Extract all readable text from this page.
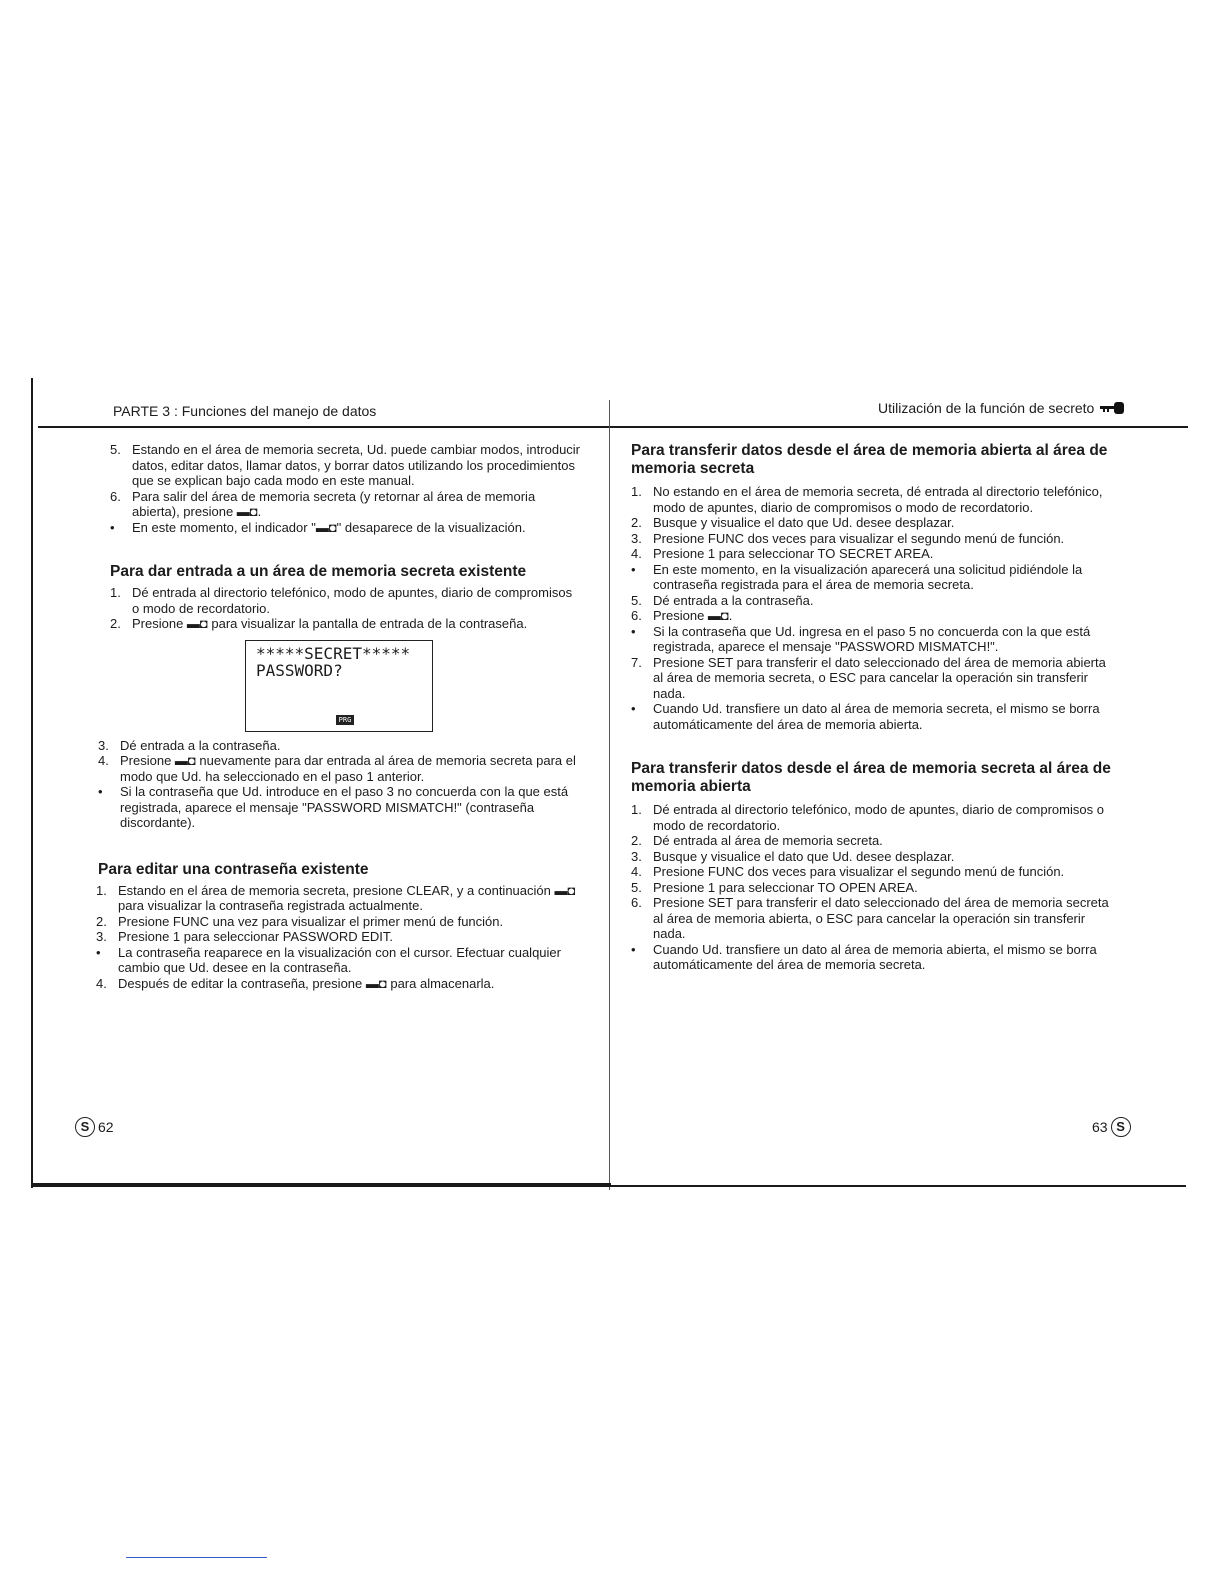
PARTE 3 : Funciones del manejo de datos	Utilización de la función de secreto
5. Estando en el área de memoria secreta, Ud. puede cambiar modos, introducir datos, editar datos, llamar datos, y borrar datos utilizando los procedimientos que se explican bajo cada modo en este manual.
6. Para salir del área de memoria secreta (y retornar al área de memoria abierta), presione ▬◘.
•	En este momento, el indicador "▬◘" desaparece de la visualización.
Para dar entrada a un área de memoria secreta existente
1. Dé entrada al directorio telefónico, modo de apuntes, diario de compromisos o modo de recordatorio.
2. Presione ▬◘ para visualizar la pantalla de entrada de la contraseña.
*****SECRET*****
PASSWORD?
PRG
3. Dé entrada a la contraseña.
4. Presione ▬◘ nuevamente para dar entrada al área de memoria secreta para el modo que Ud. ha seleccionado en el paso 1 anterior.
•	Si la contraseña que Ud. introduce en el paso 3 no concuerda con la que está registrada, aparece el mensaje "PASSWORD MISMATCH!" (contraseña discordante).
Para editar una contraseña existente
1. Estando en el área de memoria secreta, presione CLEAR, y a continuación ▬◘ para visualizar la contraseña registrada actualmente.
2. Presione FUNC una vez para visualizar el primer menú de función.
3. Presione 1 para seleccionar PASSWORD EDIT.
•	La contraseña reaparece en la visualización con el cursor. Efectuar cualquier cambio que Ud. desee en la contraseña.
4. Después de editar la contraseña, presione ▬◘ para almacenarla.
Para transferir datos desde el área de memoria abierta al área de memoria secreta
1. No estando en el área de memoria secreta, dé entrada al directorio telefónico, modo de apuntes, diario de compromisos o modo de recordatorio.
2. Busque y visualice el dato que Ud. desee desplazar.
3. Presione FUNC dos veces para visualizar el segundo menú de función.
4. Presione 1 para seleccionar TO SECRET AREA.
•	En este momento, en la visualización aparecerá una solicitud pidiéndole la contraseña registrada para el área de memoria secreta.
5. Dé entrada a la contraseña.
6. Presione ▬◘.
•	Si la contraseña que Ud. ingresa en el paso 5 no concuerda con la que está registrada, aparece el mensaje "PASSWORD MISMATCH!".
7. Presione SET para transferir el dato seleccionado del área de memoria abierta al área de memoria secreta, o ESC para cancelar la operación sin transferir nada.
•	Cuando Ud. transfiere un dato al área de memoria secreta, el mismo se borra automáticamente del área de memoria abierta.
Para transferir datos desde el área de memoria secreta al área de memoria abierta
1. Dé entrada al directorio telefónico, modo de apuntes, diario de compromisos o modo de recordatorio.
2. Dé entrada al área de memoria secreta.
3. Busque y visualice el dato que Ud. desee desplazar.
4. Presione FUNC dos veces para visualizar el segundo menú de función.
5. Presione 1 para seleccionar TO OPEN AREA.
6. Presione SET para transferir el dato seleccionado del área de memoria secreta al área de memoria abierta, o ESC para cancelar la operación sin transferir nada.
•	Cuando Ud. transfiere un dato al área de memoria abierta, el mismo se borra automáticamente del área de memoria secreta.
S 62	63 S
